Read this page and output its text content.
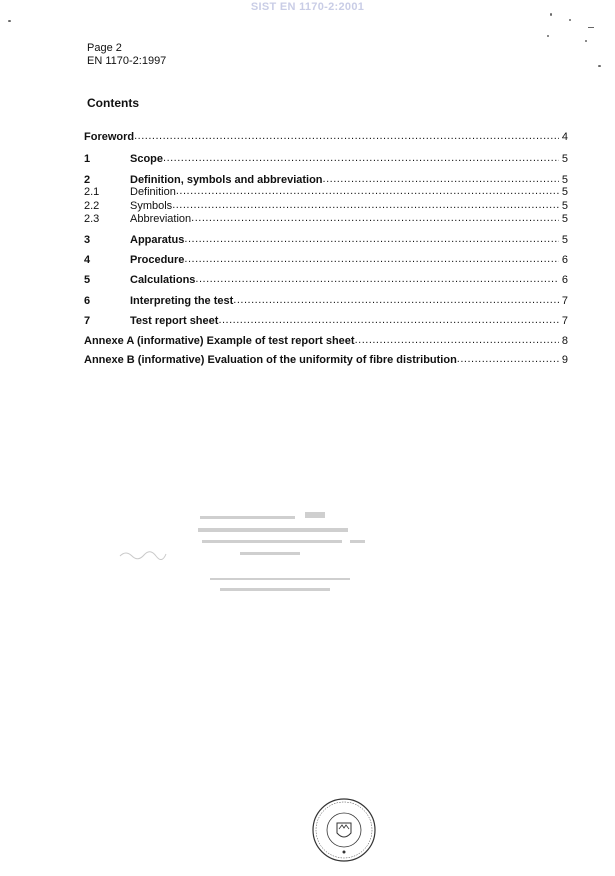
SIST EN 1170-2:2001
Page 2
EN 1170-2:1997
Contents
Foreword .....	4
1	Scope .....	5
2	Definition, symbols and abbreviation .....	5
2.1	Definition .....	5
2.2	Symbols .....	5
2.3	Abbreviation .....	5
3	Apparatus .....	5
4	Procedure .....	6
5	Calculations .....	6
6	Interpreting the test .....	7
7	Test report sheet .....	7
Annexe A (informative) Example of test report sheet .....	8
Annexe B (informative) Evaluation of the uniformity of fibre distribution .....	9
